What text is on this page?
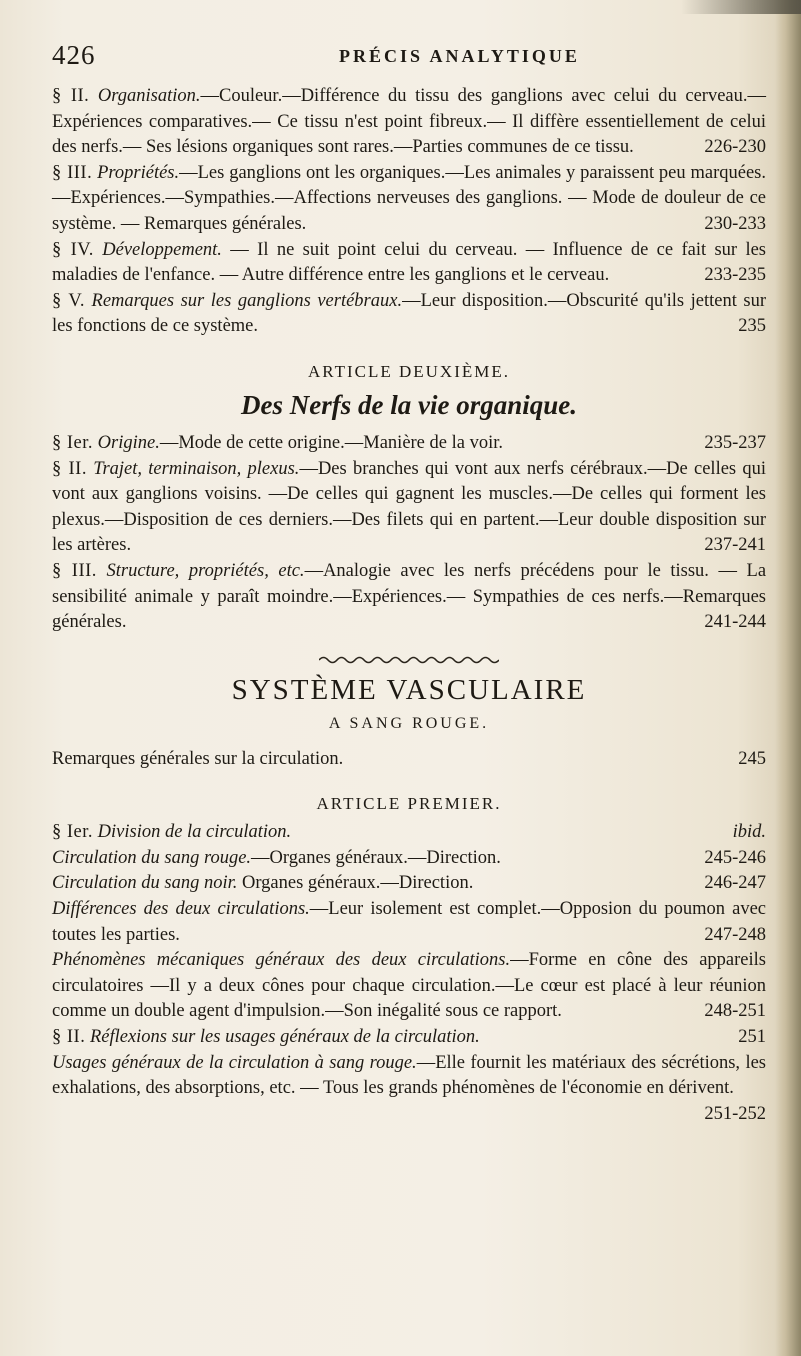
426	PRÉCIS ANALYTIQUE

§ II. Organisation.—Couleur.—Différence du tissu des ganglions avec celui du cerveau.—Expériences comparatives.— Ce tissu n'est point fibreux.— Il diffère essentiellement de celui des nerfs.— Ses lésions organiques sont rares.—Parties communes de ce tissu.	226-230

§ III. Propriétés.—Les ganglions ont les organiques.—Les animales y paraissent peu marquées.—Expériences.—Sympathies.—Affections nerveuses des ganglions. — Mode de douleur de ce système. — Remarques générales.	230-233

§ IV. Développement. — Il ne suit point celui du cerveau. — Influence de ce fait sur les maladies de l'enfance. — Autre différence entre les ganglions et le cerveau.	233-235

§ V. Remarques sur les ganglions vertébraux.—Leur disposition.—Obscurité qu'ils jettent sur les fonctions de ce système.	235

ARTICLE DEUXIÈME.
Des Nerfs de la vie organique.

§ Ier. Origine.—Mode de cette origine.—Manière de la voir.	235-237

§ II. Trajet, terminaison, plexus.—Des branches qui vont aux nerfs cérébraux.—De celles qui vont aux ganglions voisins. —De celles qui gagnent les muscles.—De celles qui forment les plexus.—Disposition de ces derniers.—Des filets qui en partent.—Leur double disposition sur les artères.	237-241

§ III. Structure, propriétés, etc.—Analogie avec les nerfs précédens pour le tissu. — La sensibilité animale y paraît moindre.—Expériences.— Sympathies de ces nerfs.—Remarques générales.	241-244

SYSTÈME VASCULAIRE
A SANG ROUGE.

Remarques générales sur la circulation.	245

ARTICLE PREMIER.

§ Ier. Division de la circulation.	ibid.

Circulation du sang rouge.—Organes généraux.—Direction.	245-246

Circulation du sang noir. Organes généraux.—Direction.	246-247

Différences des deux circulations.—Leur isolement est complet.—Opposion du poumon avec toutes les parties.	247-248

Phénomènes mécaniques généraux des deux circulations.—Forme en cône des appareils circulatoires —Il y a deux cônes pour chaque circulation.—Le cœur est placé à leur réunion comme un double agent d'impulsion.—Son inégalité sous ce rapport.	248-251

§ II. Réflexions sur les usages généraux de la circulation.	251

Usages généraux de la circulation à sang rouge.—Elle fournit les matériaux des sécrétions, les exhalations, des absorptions, etc. — Tous les grands phénomènes de l'économie en dérivent.
251-252
